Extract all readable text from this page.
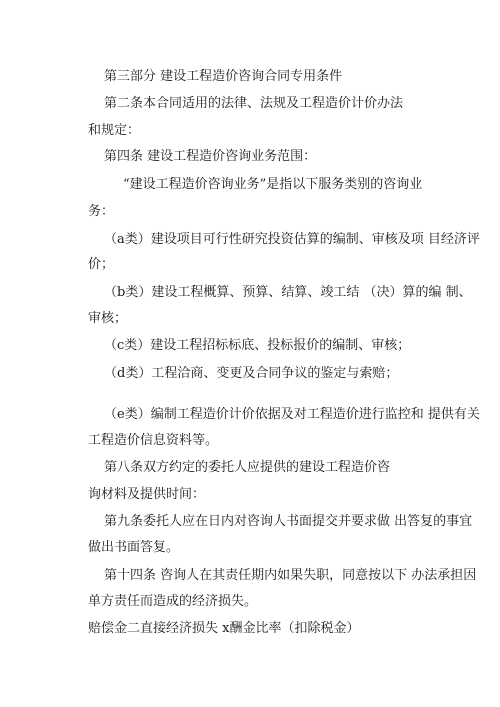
第三部分 建设工程造价咨询合同专用条件
第二条本合同适用的法律、法规及工程造价计价办法
和规定：
第四条 建设工程造价咨询业务范围：
“建设工程造价咨询业务”是指以下服务类别的咨询业
务：
（a类）建设项目可行性研究投资估算的编制、审核及项 目经济评
价；
（b类）建设工程概算、预算、结算、竣工结 （决）算的编 制、
审核；
（c类）建设工程招标标底、投标报价的编制、审核；
（d类）工程洽商、变更及合同争议的鉴定与索赔；
（e类）编制工程造价计价依据及对工程造价进行监控和 提供有关
工程造价信息资料等。
第八条双方约定的委托人应提供的建设工程造价咨
询材料及提供时间：
第九条委托人应在日内对咨询人书面提交并要求做 出答复的事宜
做出书面答复。
第十四条 咨询人在其责任期内如果失职，同意按以下 办法承担因
单方责任而造成的经济损失。
赔偿金二直接经济损失 x酬金比率（扣除税金）
